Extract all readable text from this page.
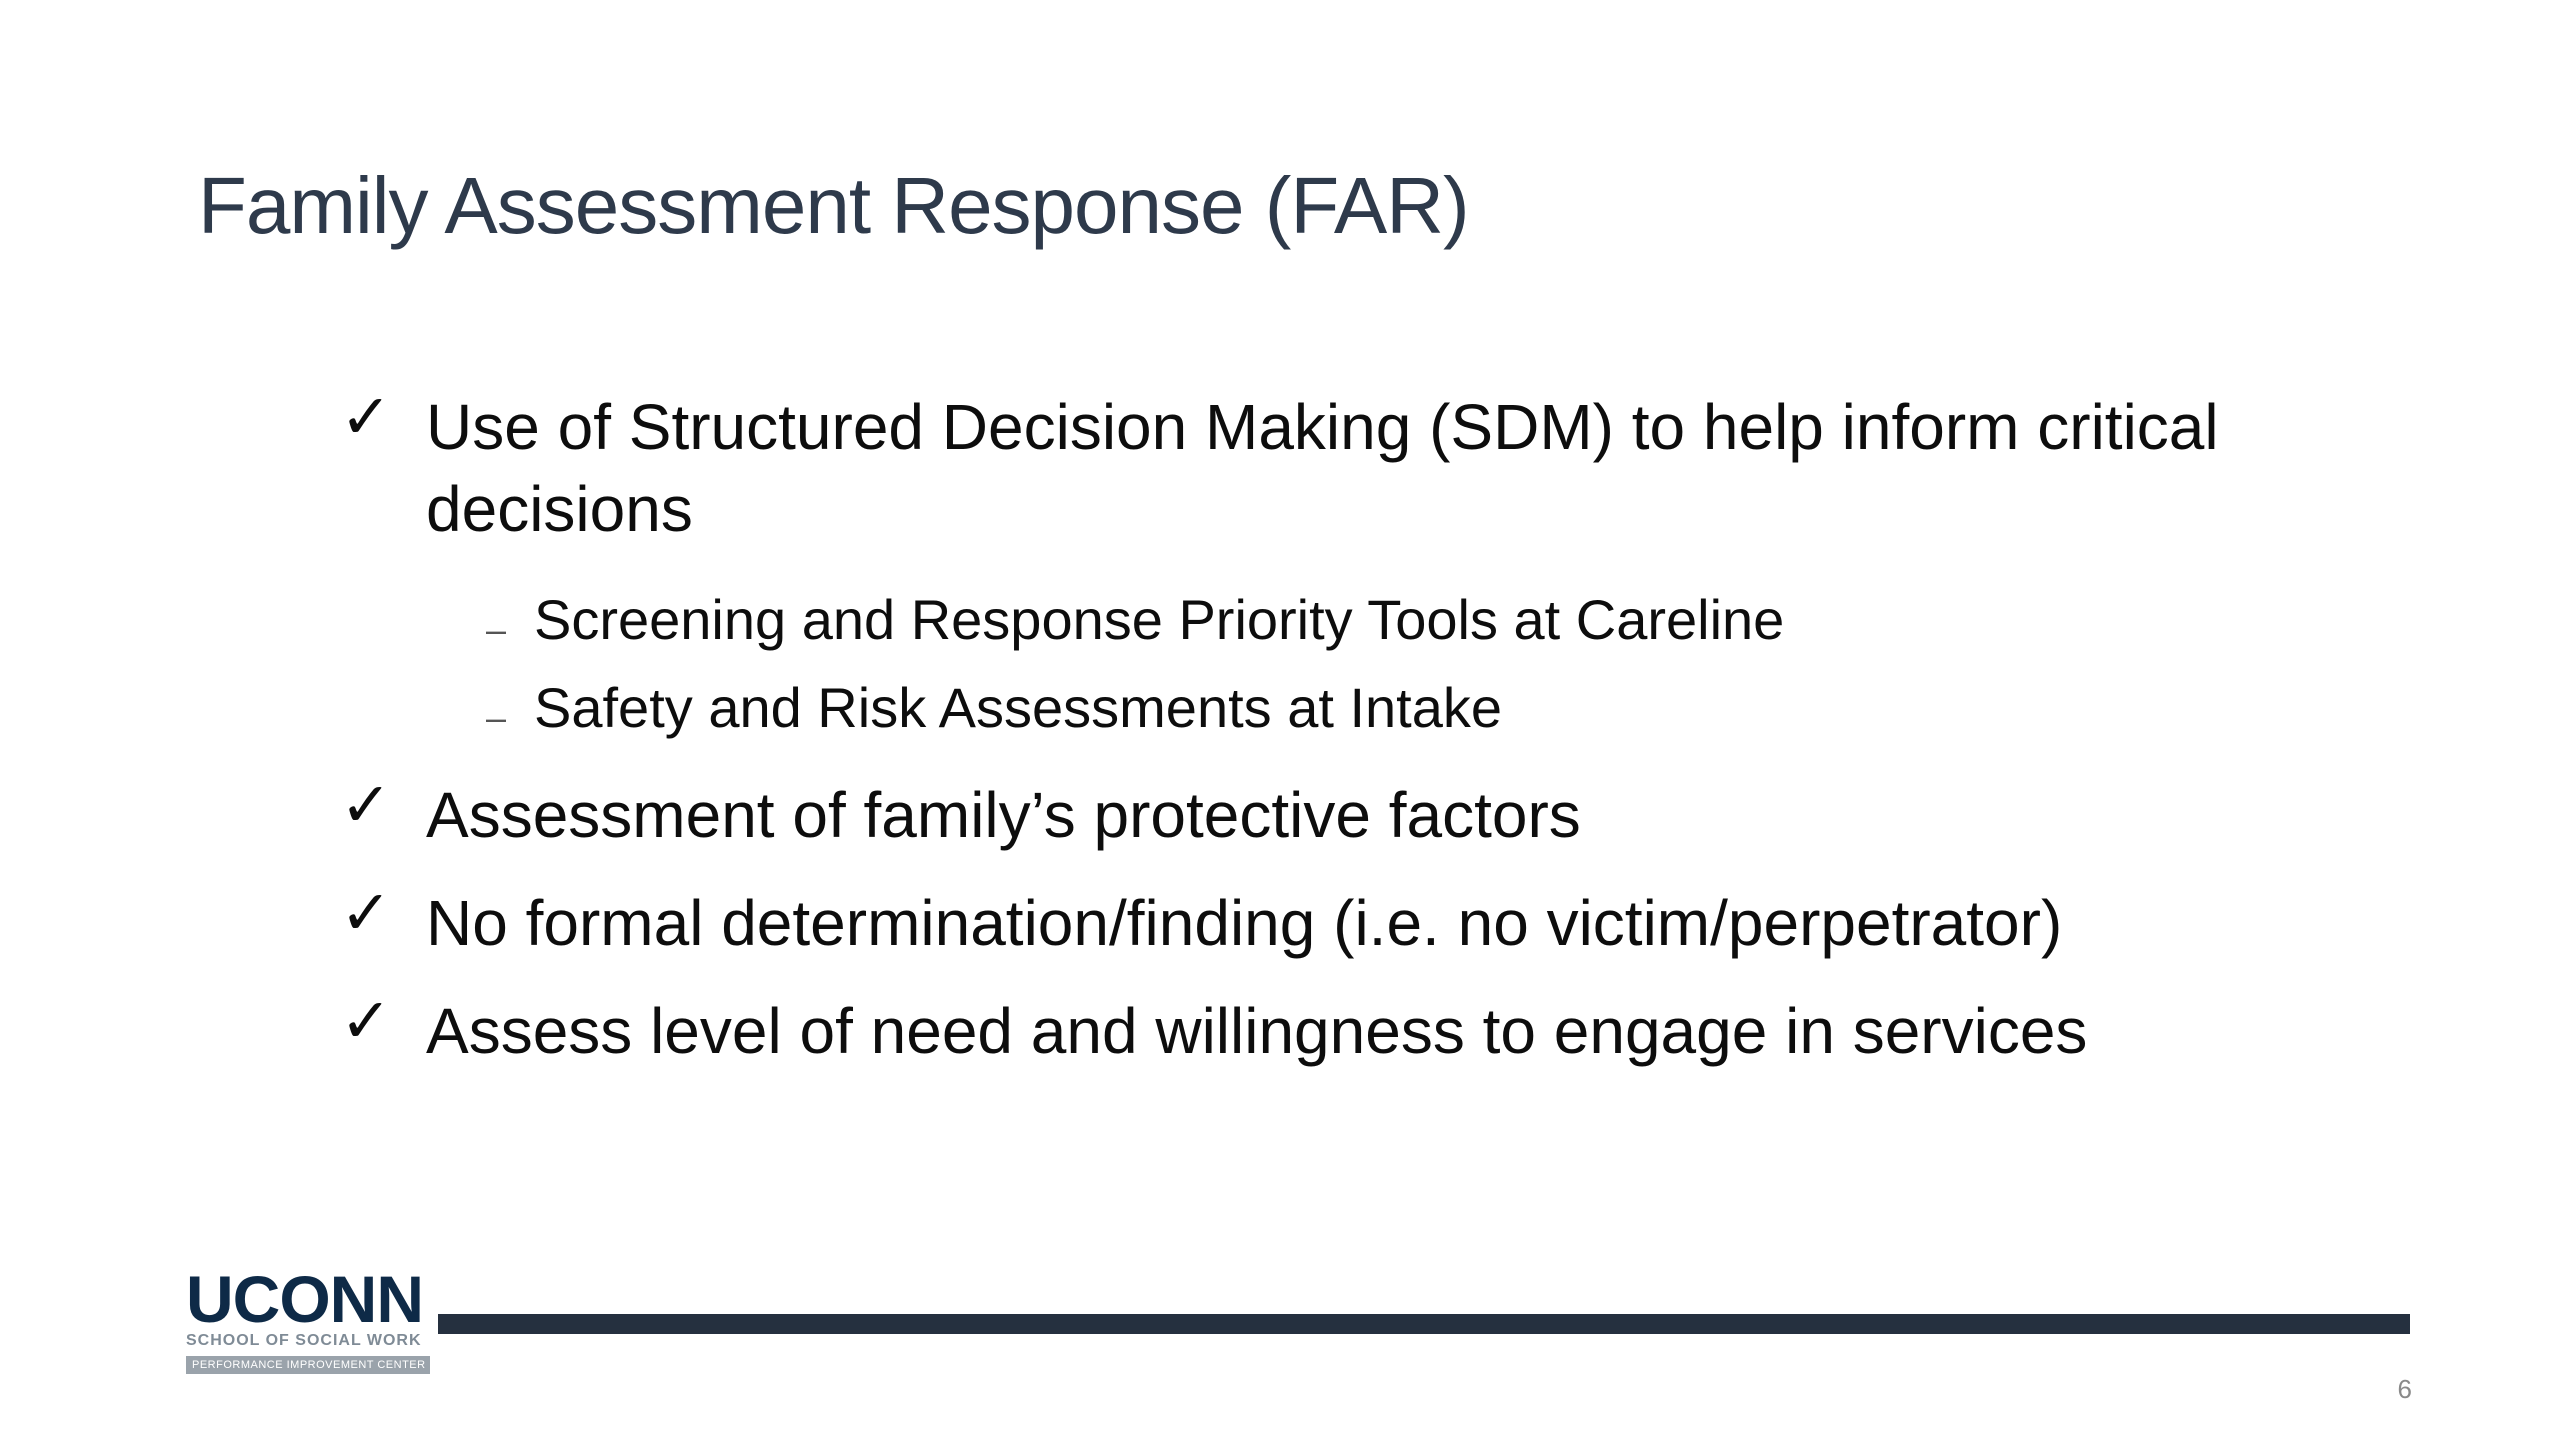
Family Assessment Response (FAR)
✓ Use of Structured Decision Making (SDM) to help inform critical decisions
– Screening and Response Priority Tools at Careline
– Safety and Risk Assessments at Intake
✓ Assessment of family’s protective factors
✓ No formal determination/finding (i.e. no victim/perpetrator)
✓ Assess level of need and willingness to engage in services
UCONN
SCHOOL OF SOCIAL WORK
PERFORMANCE IMPROVEMENT CENTER
6
